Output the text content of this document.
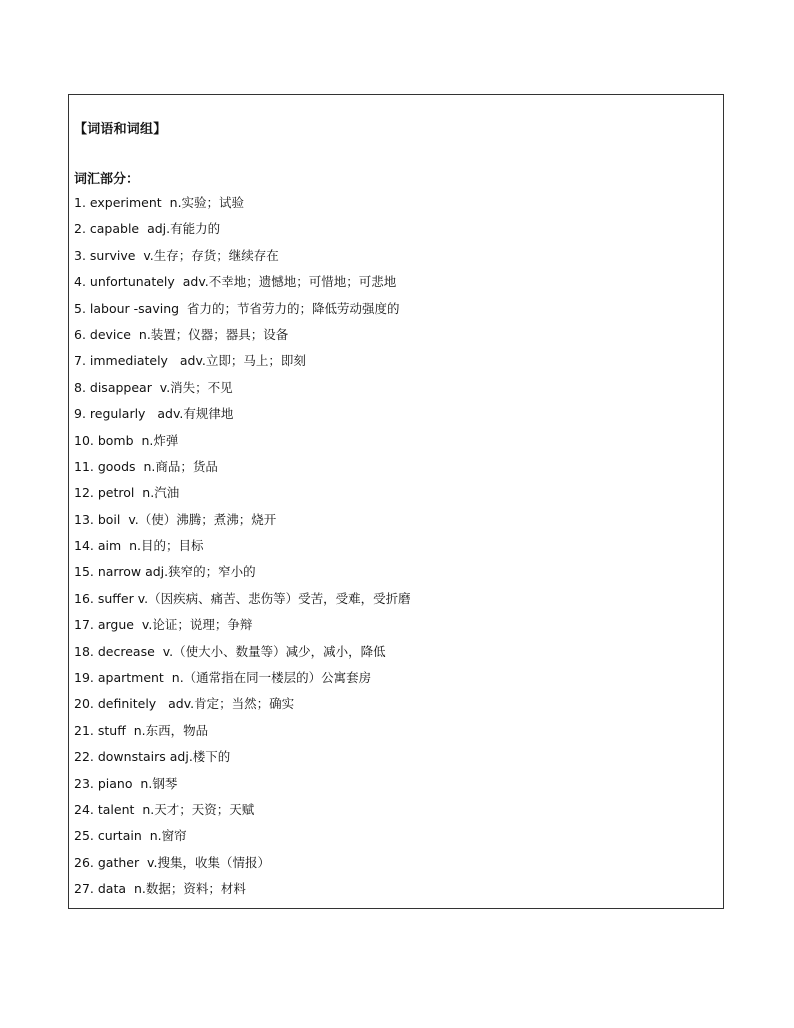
【词语和词组】
词汇部分：
1. experiment  n.实验；试验
2. capable  adj.有能力的
3. survive  v.生存；存货；继续存在
4. unfortunately  adv.不幸地；遗憾地；可惜地；可悲地
5. labour -saving  省力的；节省劳力的；降低劳动强度的
6. device  n.装置；仪器；器具；设备
7. immediately   adv.立即；马上；即刻
8. disappear  v.消失；不见
9. regularly   adv.有规律地
10. bomb  n.炸弹
11. goods  n.商品；货品
12. petrol  n.汽油
13. boil  v.（使）沸腾；煮沸；烧开
14. aim  n.目的；目标
15. narrow adj.狭窄的；窄小的
16. suffer v.（因疾病、痛苦、悲伤等）受苦，受难，受折磨
17. argue  v.论证；说理；争辩
18. decrease  v.（使大小、数量等）减少，减小，降低
19. apartment  n.（通常指在同一楼层的）公寓套房
20. definitely   adv.肯定；当然；确实
21. stuff  n.东西，物品
22. downstairs adj.楼下的
23. piano  n.钢琴
24. talent  n.天才；天资；天赋
25. curtain  n.窗帘
26. gather  v.搜集，收集（情报）
27. data  n.数据；资料；材料
